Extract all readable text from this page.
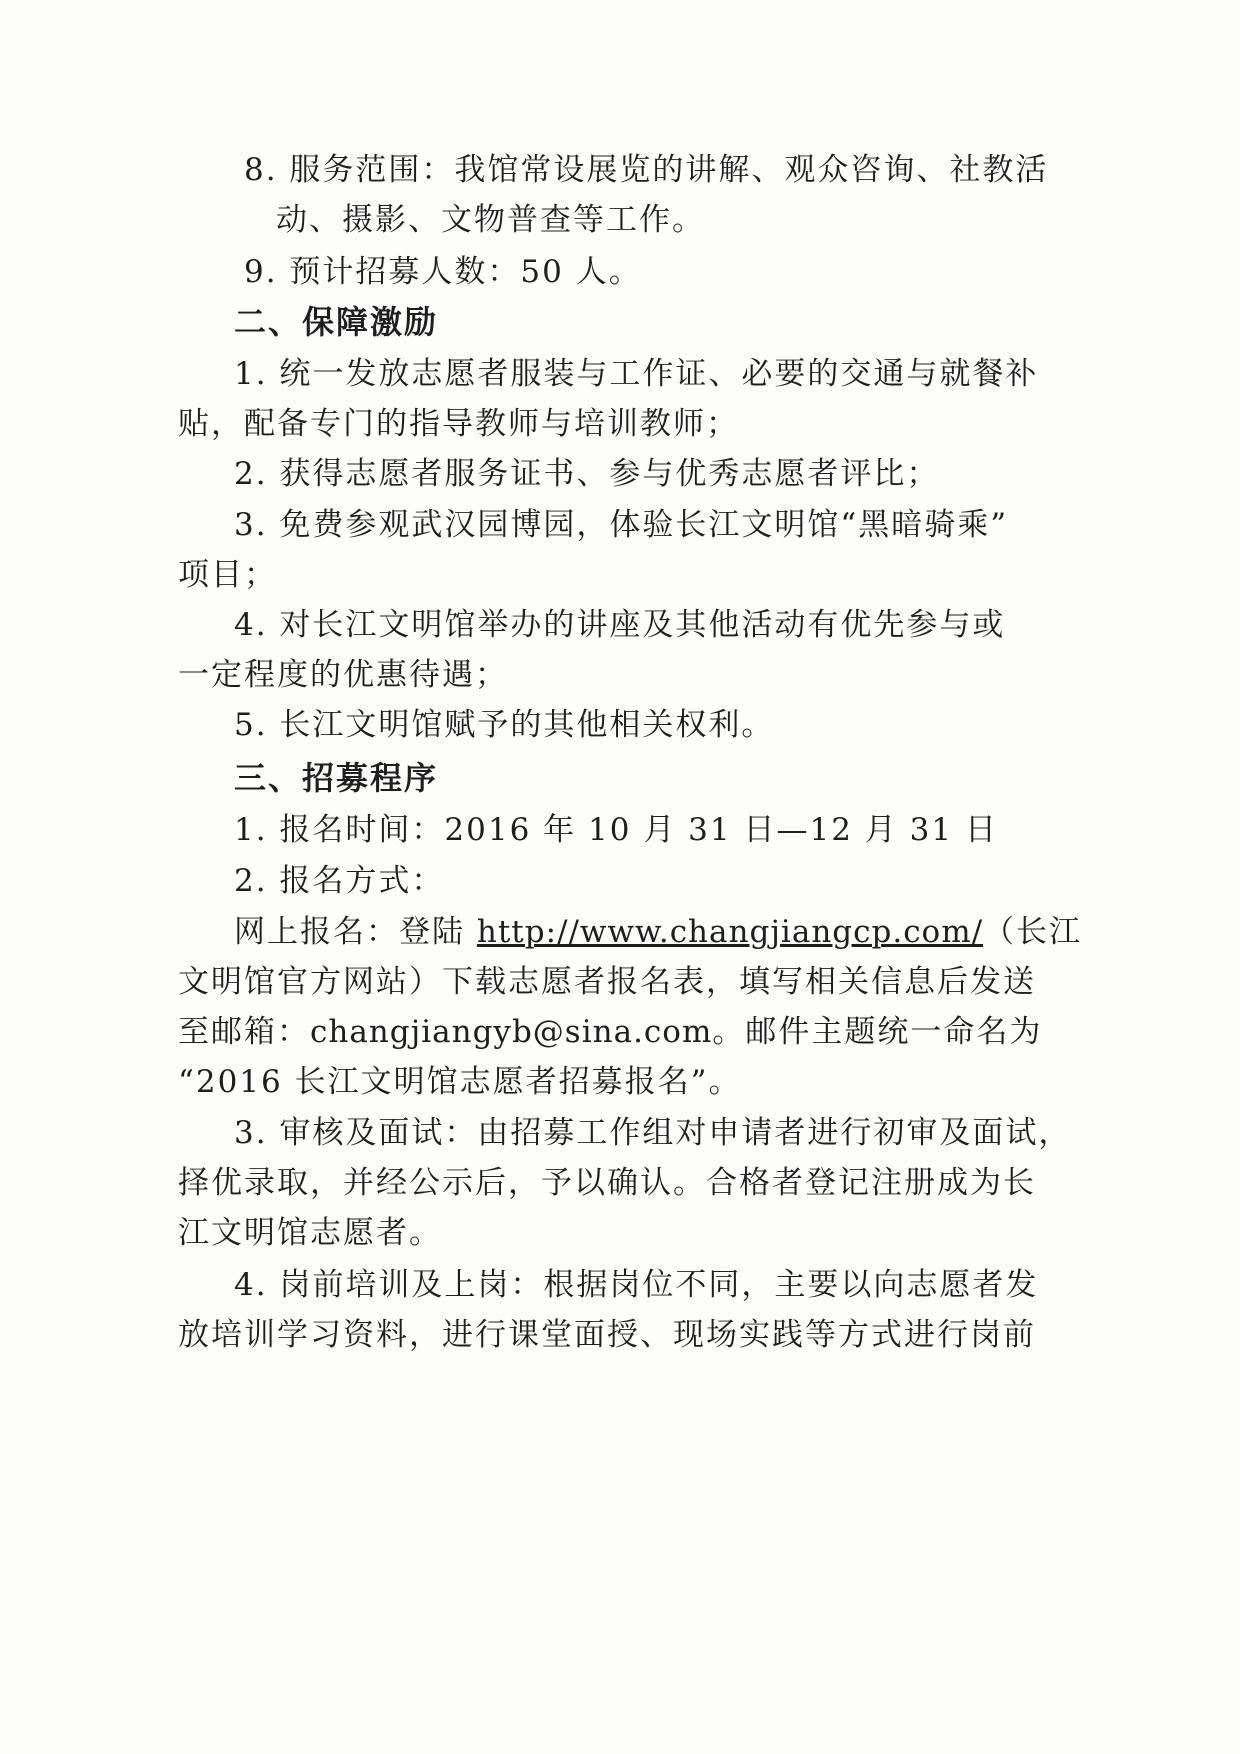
8. 服务范围：我馆常设展览的讲解、观众咨询、社教活
动、摄影、文物普查等工作。
9. 预计招募人数：50 人。
二、保障激励
1. 统一发放志愿者服装与工作证、必要的交通与就餐补
贴，配备专门的指导教师与培训教师；
2. 获得志愿者服务证书、参与优秀志愿者评比；
3. 免费参观武汉园博园，体验长江文明馆“黑暗骑乘”
项目；
4. 对长江文明馆举办的讲座及其他活动有优先参与或
一定程度的优惠待遇；
5. 长江文明馆赋予的其他相关权利。
三、招募程序
1. 报名时间：2016 年 10 月 31 日—12 月 31 日
2. 报名方式：
网上报名：登陆 http://www.changjiangcp.com/（长江
文明馆官方网站）下载志愿者报名表，填写相关信息后发送
至邮箱：changjiangyb@sina.com。邮件主题统一命名为
“2016 长江文明馆志愿者招募报名”。
3. 审核及面试：由招募工作组对申请者进行初审及面试，
择优录取，并经公示后，予以确认。合格者登记注册成为长
江文明馆志愿者。
4. 岗前培训及上岗：根据岗位不同，主要以向志愿者发
放培训学习资料，进行课堂面授、现场实践等方式进行岗前
